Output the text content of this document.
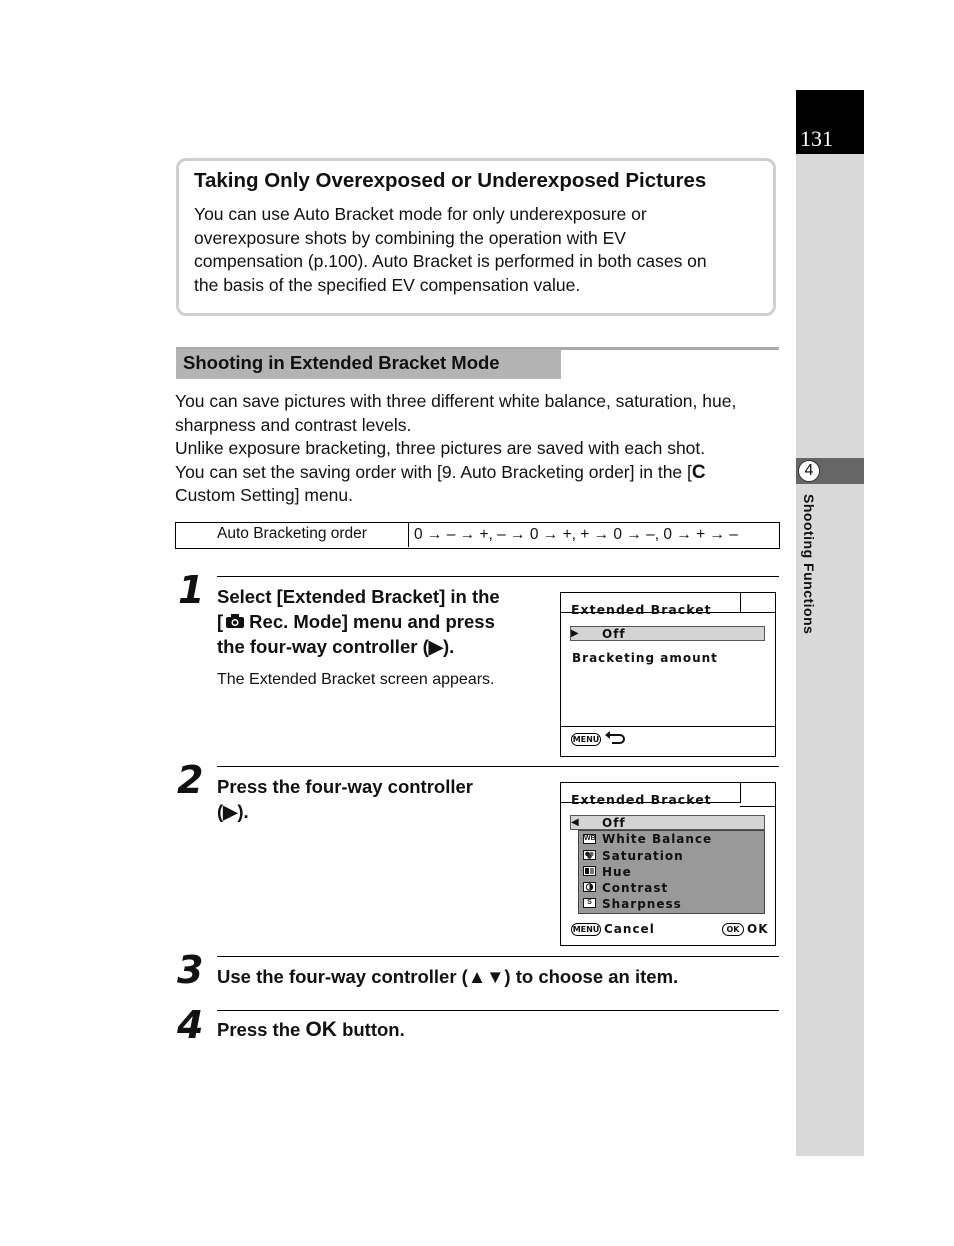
131
4
Shooting Functions
Taking Only Overexposed or Underexposed Pictures
You can use Auto Bracket mode for only underexposure or
overexposure shots by combining the operation with EV
compensation (p.100). Auto Bracket is performed in both cases on
the basis of the specified EV compensation value.
Shooting in Extended Bracket Mode
You can save pictures with three different white balance, saturation, hue,
sharpness and contrast levels.
Unlike exposure bracketing, three pictures are saved with each shot.
You can set the saving order with [9. Auto Bracketing order] in the [C
Custom Setting] menu.
Auto Bracketing order	0 → – → +, – → 0 → +, + → 0 → –, 0 → + → –
1 Select [Extended Bracket] in the
[ Rec. Mode] menu and press
the four-way controller (▶).
The Extended Bracket screen appears.
Extended Bracket
▶ Off
Bracketing amount
MENU
2 Press the four-way controller
(▶).
Extended Bracket
◀ Off
WB White Balance
Saturation
Hue
Contrast
S Sharpness
MENU Cancel	OK OK
3 Use the four-way controller (▲▼) to choose an item.
4 Press the OK button.
